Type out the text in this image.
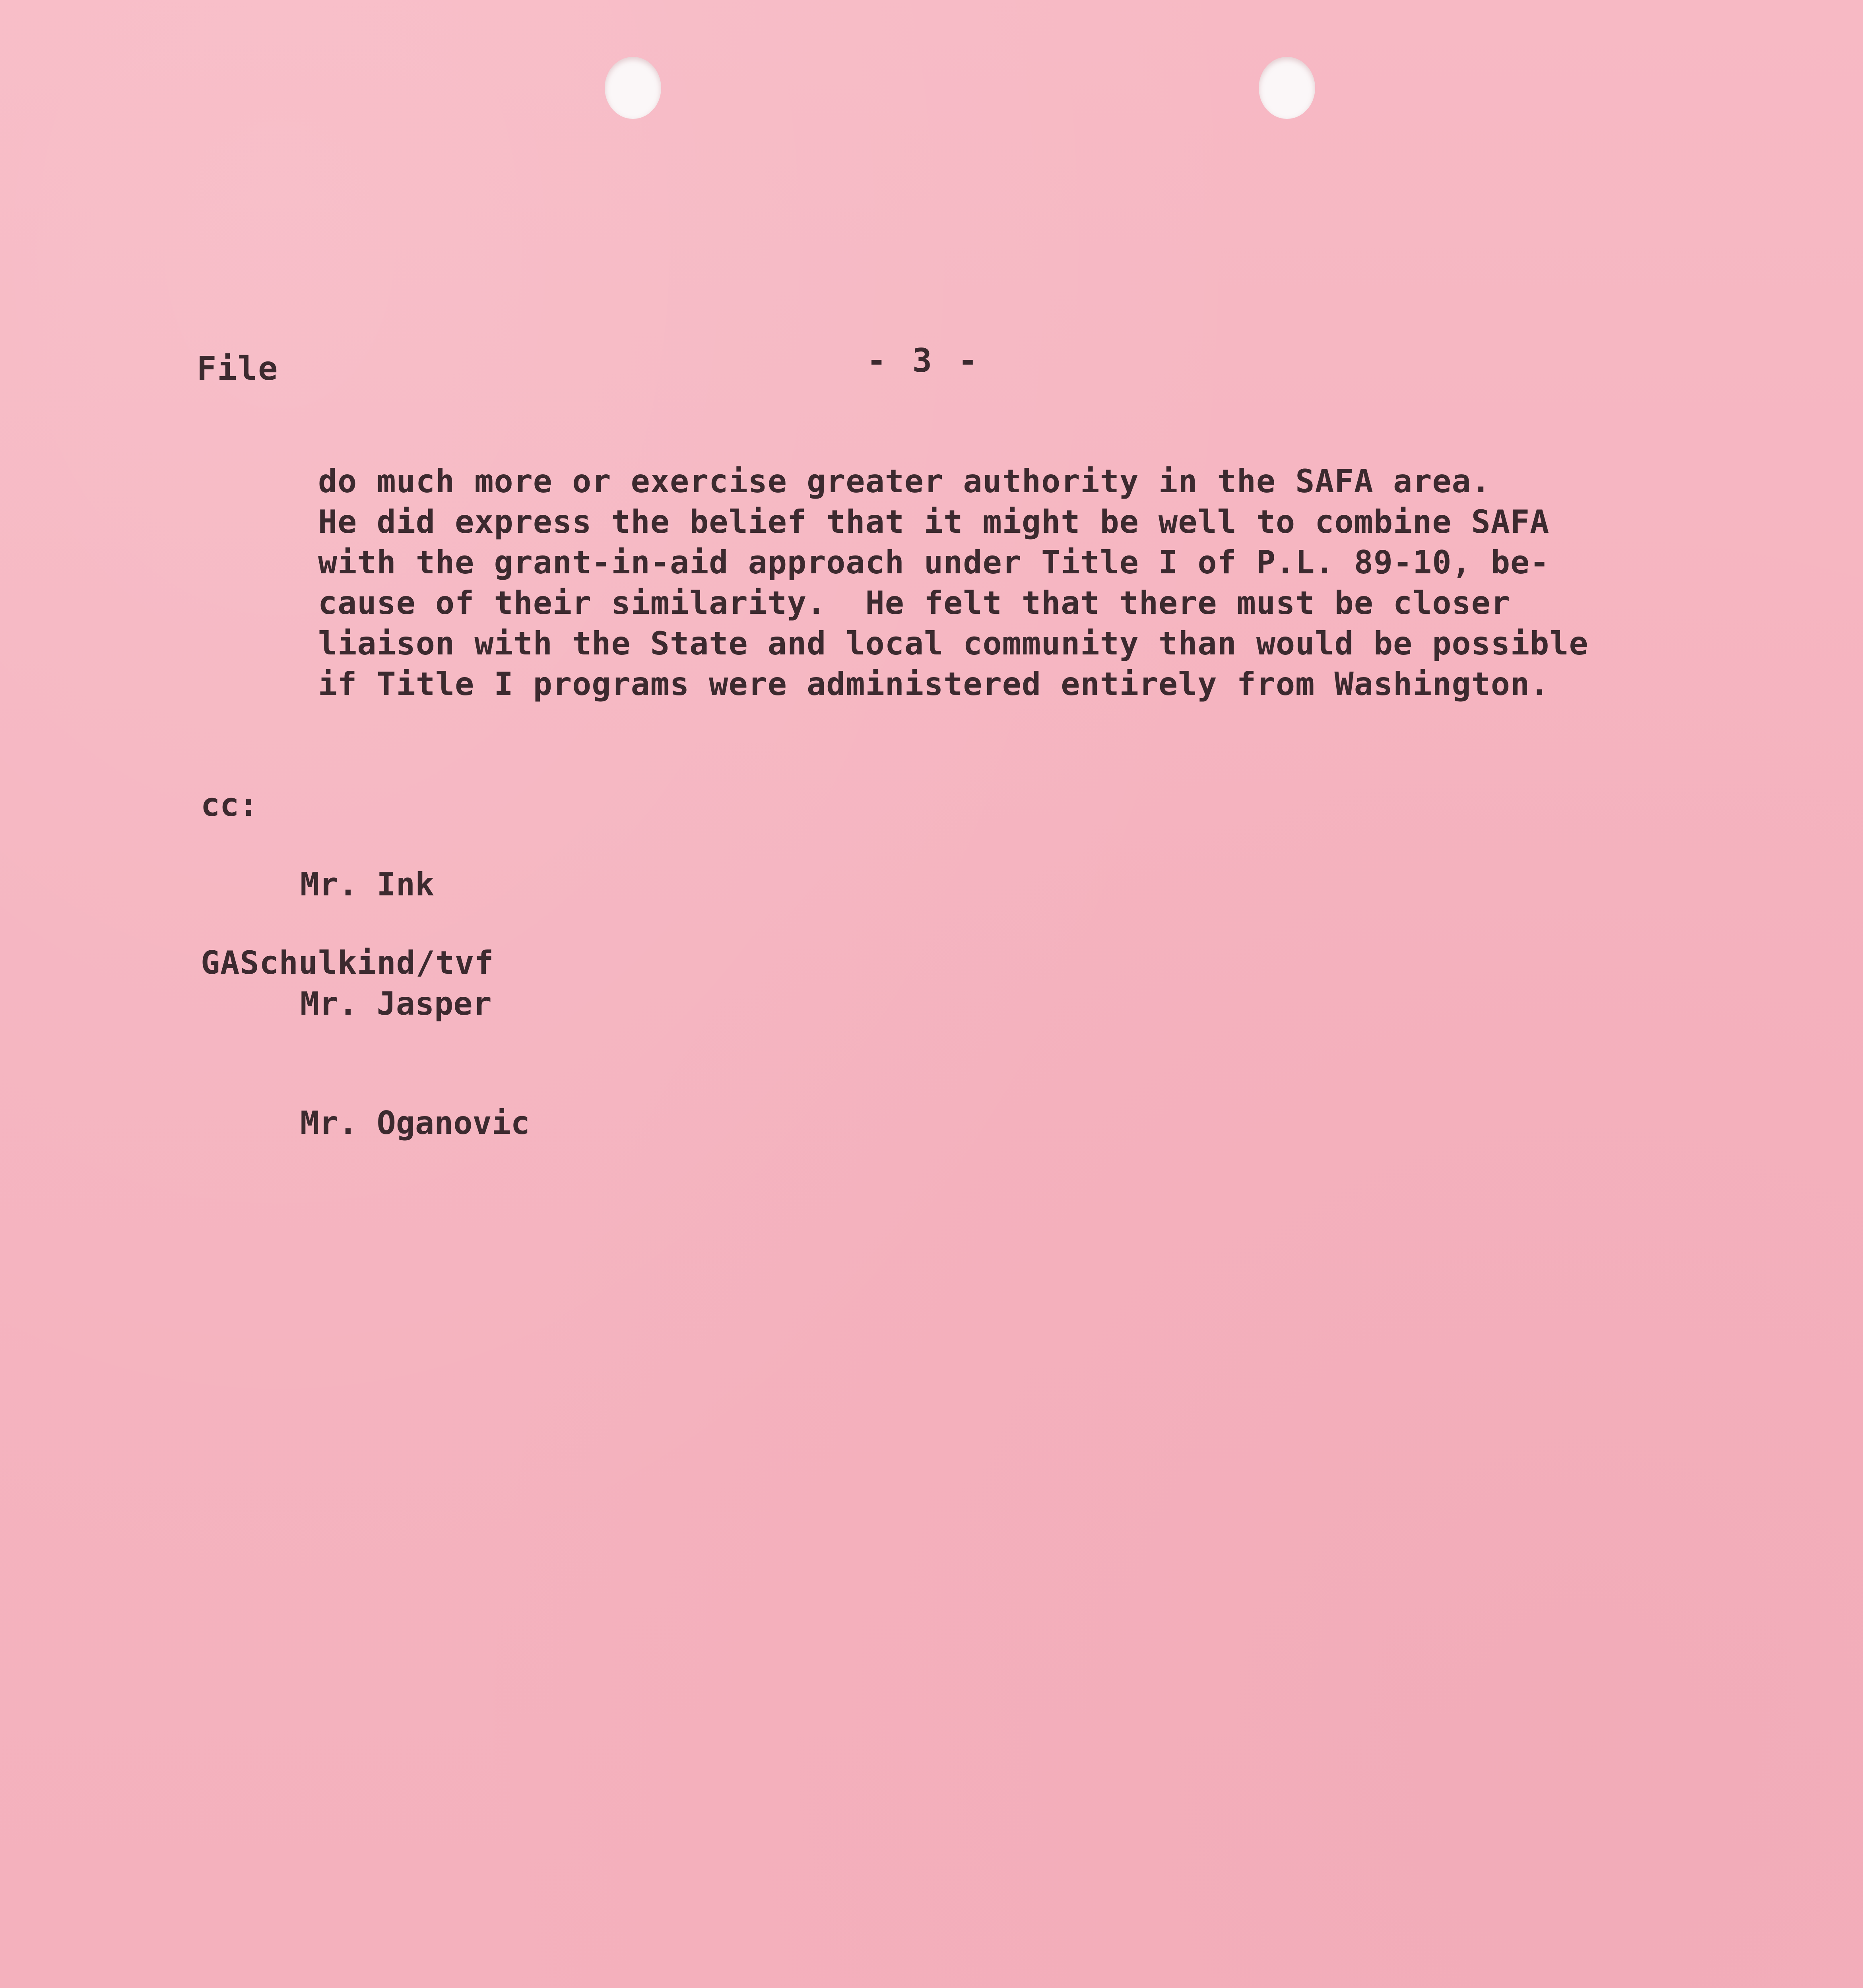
File	- 3 -
do much more or exercise greater authority in the SAFA area.
He did express the belief that it might be well to combine SAFA
with the grant-in-aid approach under Title I of P.L. 89-10, be-
cause of their similarity.  He felt that there must be closer
liaison with the State and local community than would be possible
if Title I programs were administered entirely from Washington.
cc:

Mr. Ink

Mr. Jasper

Mr. Oganovic

GASchulkind/tvf
